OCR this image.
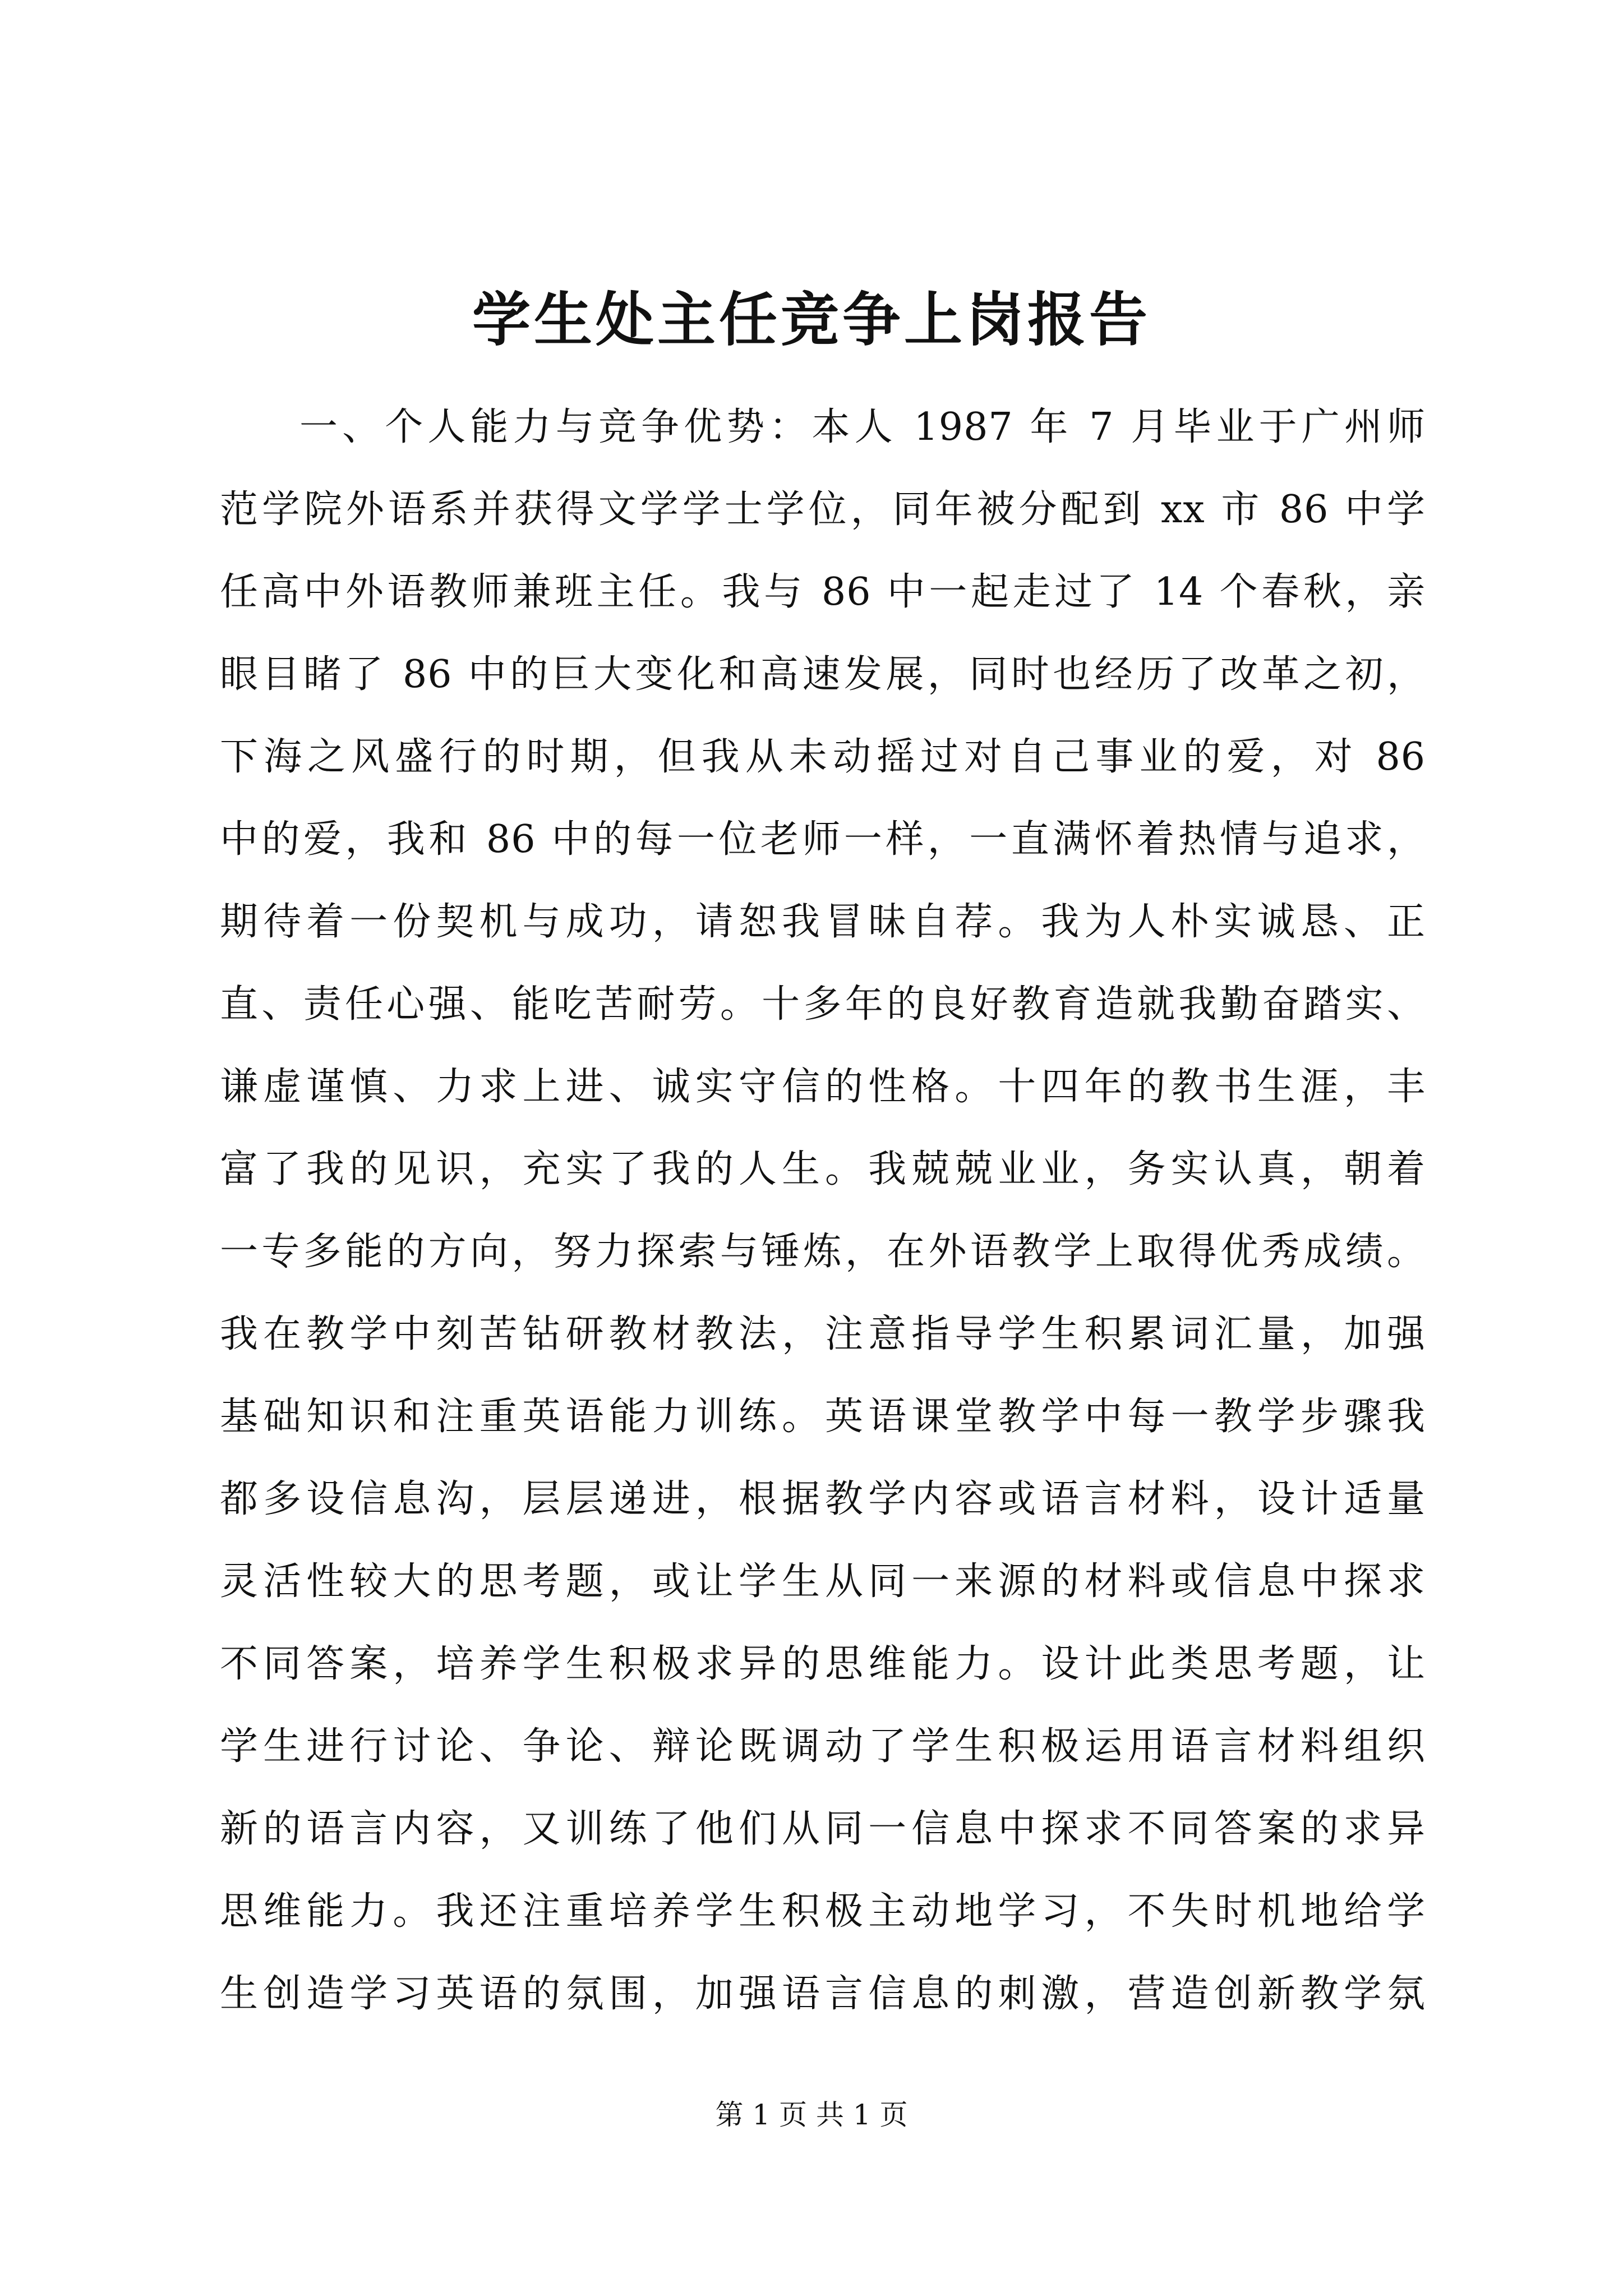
学生处主任竞争上岗报告
一、个人能力与竞争优势：本人 1987 年 7 月毕业于广州师
范学院外语系并获得文学学士学位，同年被分配到 xx 市 86 中学
任高中外语教师兼班主任。我与 86 中一起走过了 14 个春秋，亲
眼目睹了 86 中的巨大变化和高速发展，同时也经历了改革之初，
下海之风盛行的时期，但我从未动摇过对自己事业的爱，对 86
中的爱，我和 86 中的每一位老师一样，一直满怀着热情与追求，
期待着一份契机与成功，请恕我冒昧自荐。我为人朴实诚恳、正
直、责任心强、能吃苦耐劳。十多年的良好教育造就我勤奋踏实、
谦虚谨慎、力求上进、诚实守信的性格。十四年的教书生涯，丰
富了我的见识，充实了我的人生。我兢兢业业，务实认真，朝着
一专多能的方向，努力探索与锤炼，在外语教学上取得优秀成绩。
我在教学中刻苦钻研教材教法，注意指导学生积累词汇量，加强
基础知识和注重英语能力训练。英语课堂教学中每一教学步骤我
都多设信息沟，层层递进，根据教学内容或语言材料，设计适量
灵活性较大的思考题，或让学生从同一来源的材料或信息中探求
不同答案，培养学生积极求异的思维能力。设计此类思考题，让
学生进行讨论、争论、辩论既调动了学生积极运用语言材料组织
新的语言内容，又训练了他们从同一信息中探求不同答案的求异
思维能力。我还注重培养学生积极主动地学习，不失时机地给学
生创造学习英语的氛围，加强语言信息的刺激，营造创新教学氛
第 1 页 共 1 页
